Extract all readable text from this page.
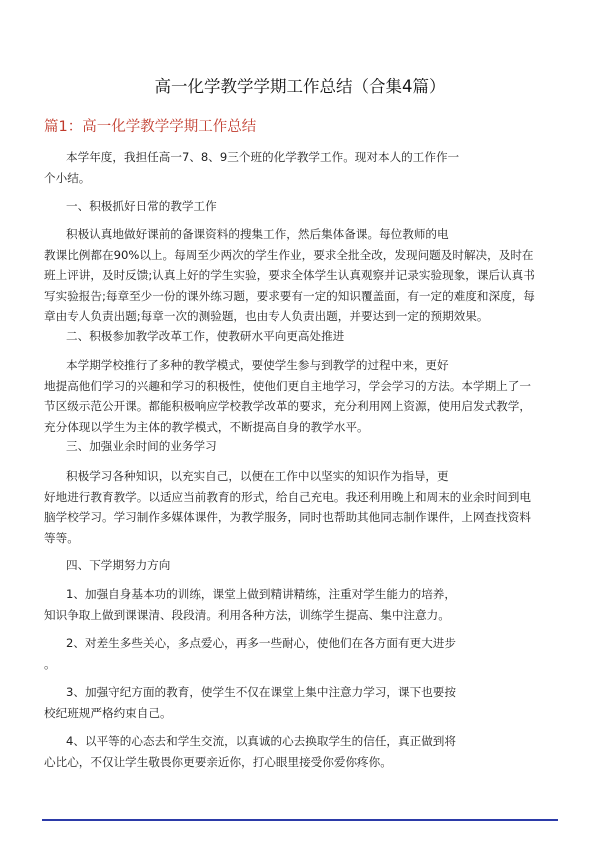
高一化学教学学期工作总结（合集4篇）
篇1：高一化学教学学期工作总结
本学年度，我担任高一7、8、9三个班的化学教学工作。现对本人的工作作一
个小结。
一、积极抓好日常的教学工作
积极认真地做好课前的备课资料的搜集工作，然后集体备课。每位教师的电
教课比例都在90%以上。每周至少两次的学生作业，要求全批全改，发现问题及时解决，及时在
班上评讲，及时反馈;认真上好的学生实验，要求全体学生认真观察并记录实验现象，课后认真书
写实验报告;每章至少一份的课外练习题，要求要有一定的知识覆盖面，有一定的难度和深度，每
章由专人负责出题;每章一次的测验题，也由专人负责出题，并要达到一定的预期效果。
二、积极参加教学改革工作，使教研水平向更高处推进
本学期学校推行了多种的教学模式，要使学生参与到教学的过程中来，更好
地提高他们学习的兴趣和学习的积极性，使他们更自主地学习，学会学习的方法。本学期上了一
节区级示范公开课。都能积极响应学校教学改革的要求，充分利用网上资源，使用启发式教学，
充分体现以学生为主体的教学模式，不断提高自身的教学水平。
三、加强业余时间的业务学习
积极学习各种知识，以充实自己，以便在工作中以坚实的知识作为指导，更
好地进行教育教学。以适应当前教育的形式，给自己充电。我还利用晚上和周末的业余时间到电
脑学校学习。学习制作多媒体课件，为教学服务，同时也帮助其他同志制作课件，上网查找资料
等等。
四、下学期努力方向
1、加强自身基本功的训练，课堂上做到精讲精练，注重对学生能力的培养，
知识争取上做到课课清、段段清。利用各种方法，训练学生提高、集中注意力。
2、对差生多些关心，多点爱心，再多一些耐心，使他们在各方面有更大进步
。
3、加强守纪方面的教育，使学生不仅在课堂上集中注意力学习，课下也要按
校纪班规严格约束自己。
4、以平等的心态去和学生交流，以真诚的心去换取学生的信任，真正做到将
心比心，不仅让学生敬畏你更要亲近你，打心眼里接受你爱你疼你。
